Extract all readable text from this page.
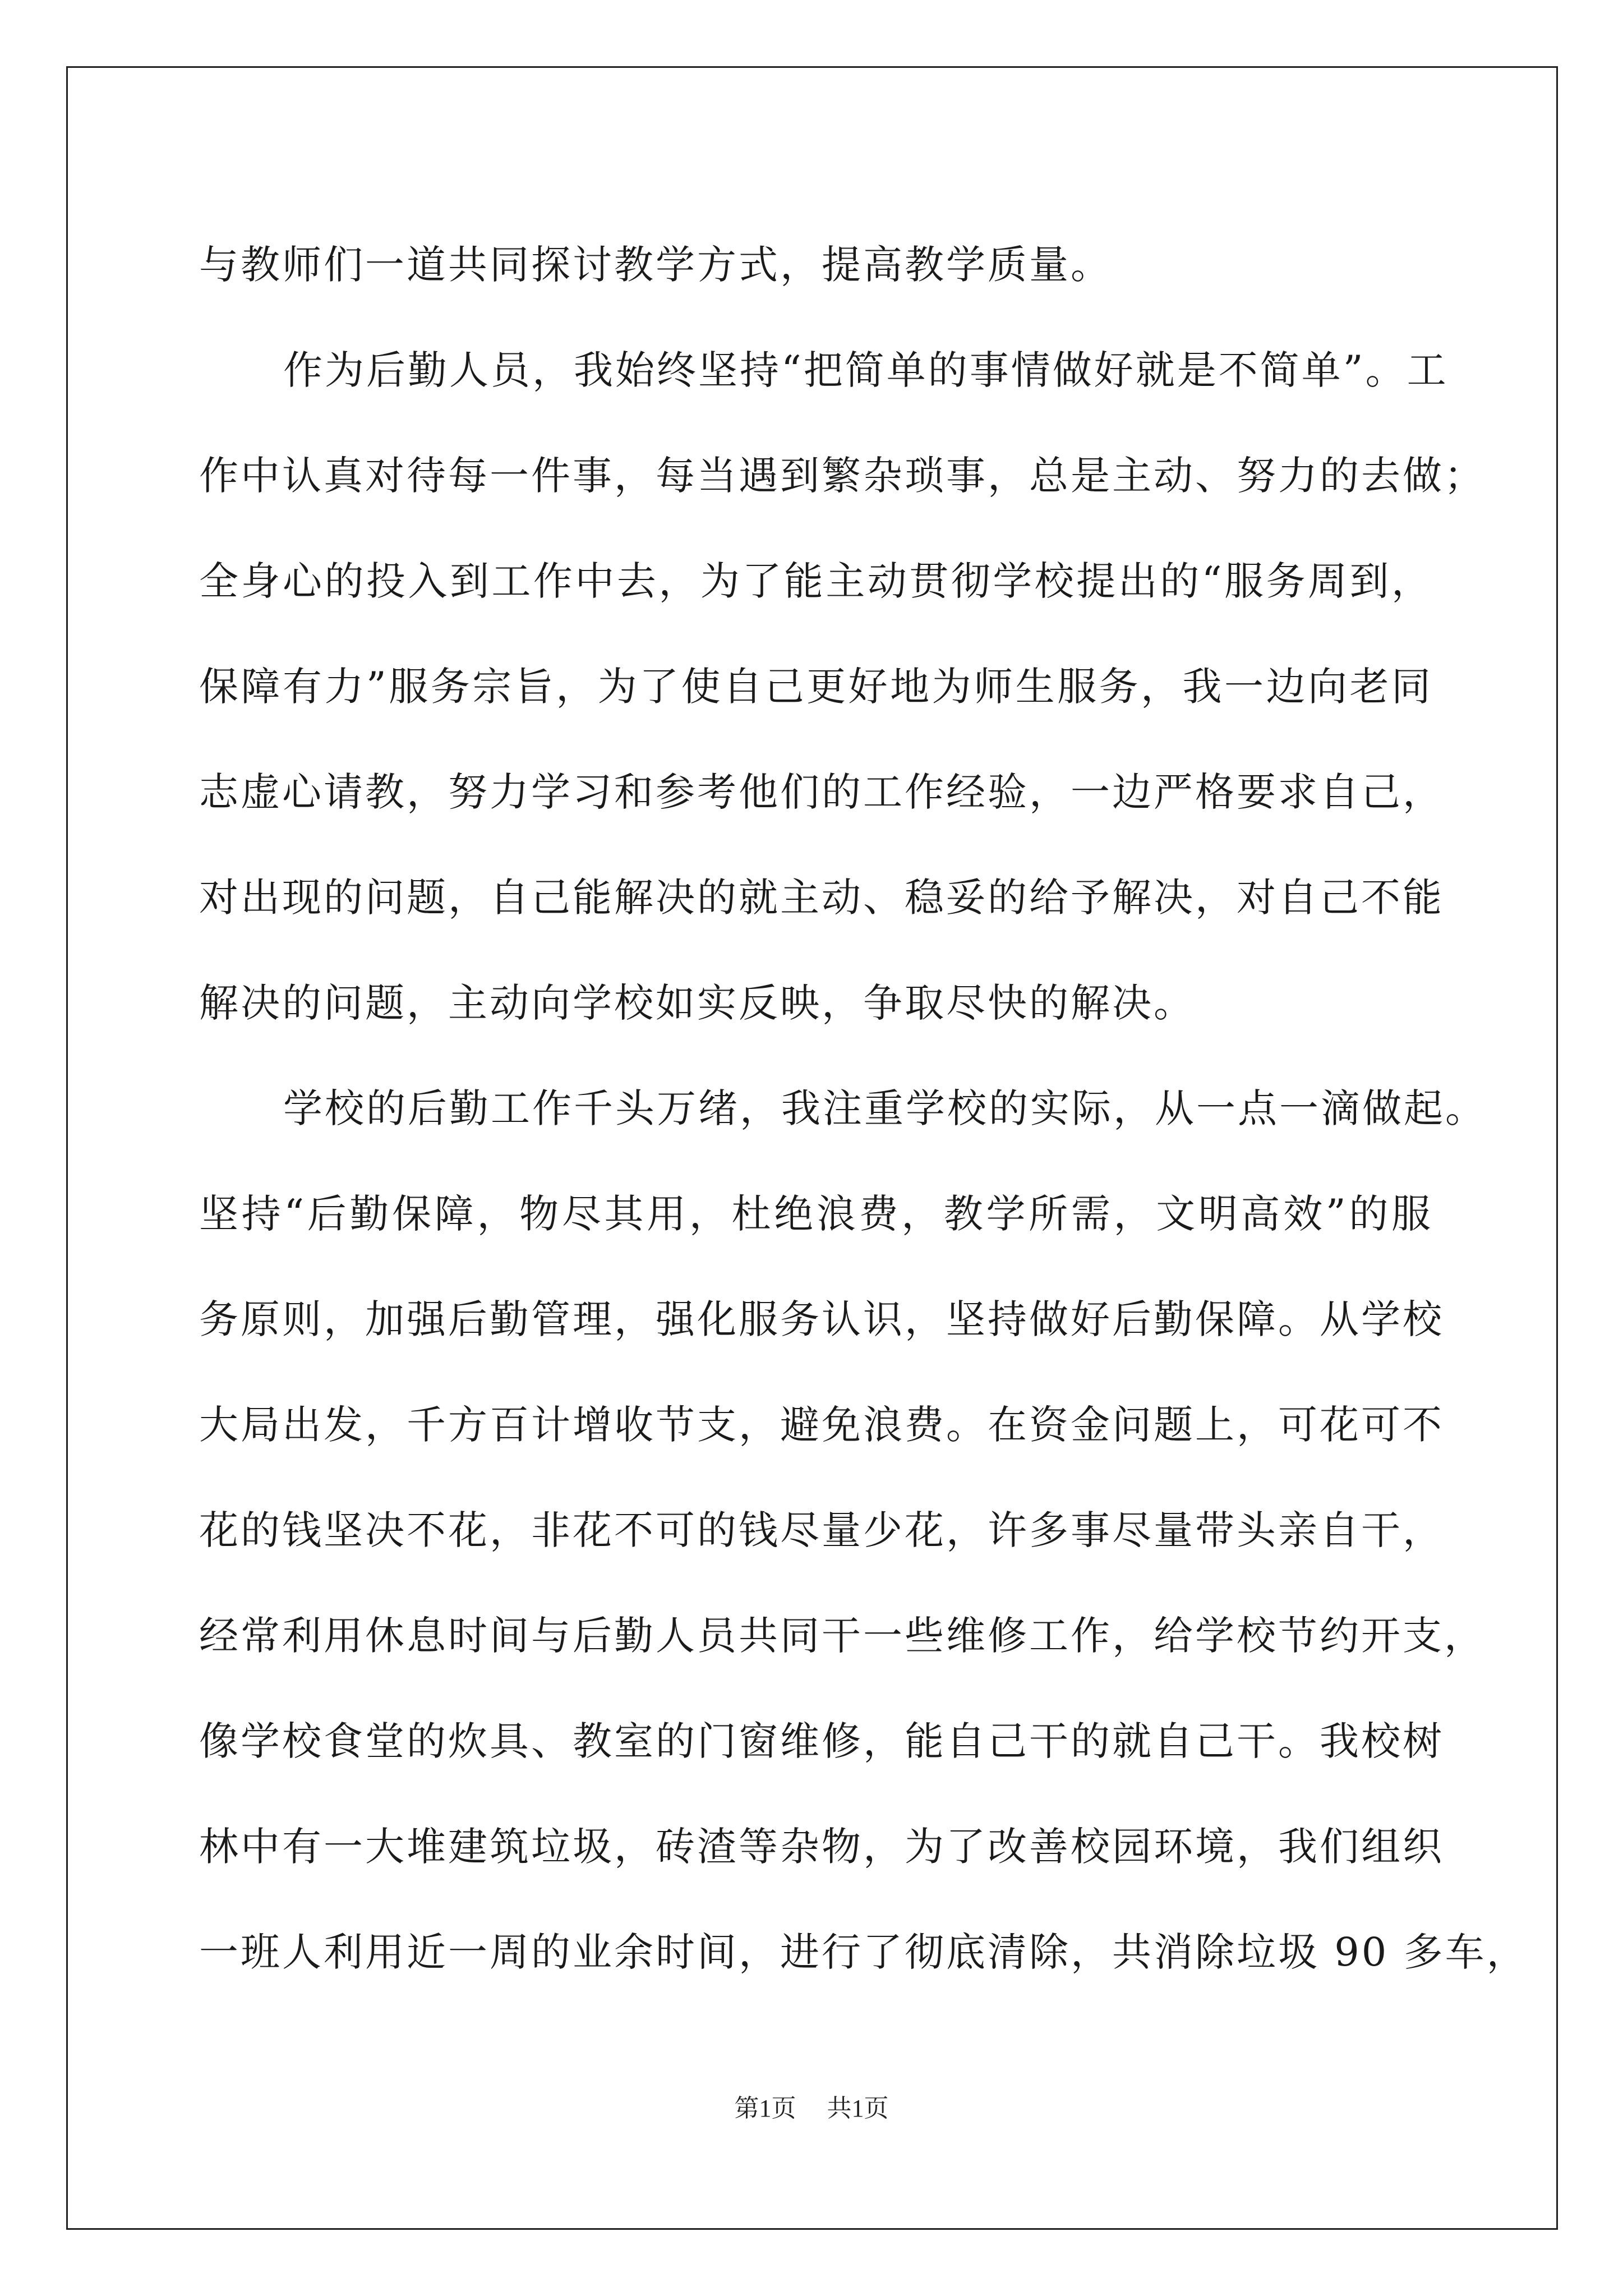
与教师们一道共同探讨教学方式，提高教学质量。
作为后勤人员，我始终坚持“把简单的事情做好就是不简单”。工
作中认真对待每一件事，每当遇到繁杂琐事，总是主动、努力的去做；
全身心的投入到工作中去，为了能主动贯彻学校提出的“服务周到，
保障有力”服务宗旨，为了使自己更好地为师生服务，我一边向老同
志虚心请教，努力学习和参考他们的工作经验，一边严格要求自己，
对出现的问题，自己能解决的就主动、稳妥的给予解决，对自己不能
解决的问题，主动向学校如实反映，争取尽快的解决。
学校的后勤工作千头万绪，我注重学校的实际，从一点一滴做起。
坚持“后勤保障，物尽其用，杜绝浪费，教学所需，文明高效”的服
务原则，加强后勤管理，强化服务认识，坚持做好后勤保障。从学校
大局出发，千方百计增收节支，避免浪费。在资金问题上，可花可不
花的钱坚决不花，非花不可的钱尽量少花，许多事尽量带头亲自干，
经常利用休息时间与后勤人员共同干一些维修工作，给学校节约开支，
像学校食堂的炊具、教室的门窗维修，能自己干的就自己干。我校树
林中有一大堆建筑垃圾，砖渣等杂物，为了改善校园环境，我们组织
一班人利用近一周的业余时间，进行了彻底清除，共消除垃圾 90 多车，
第1页 共1页
